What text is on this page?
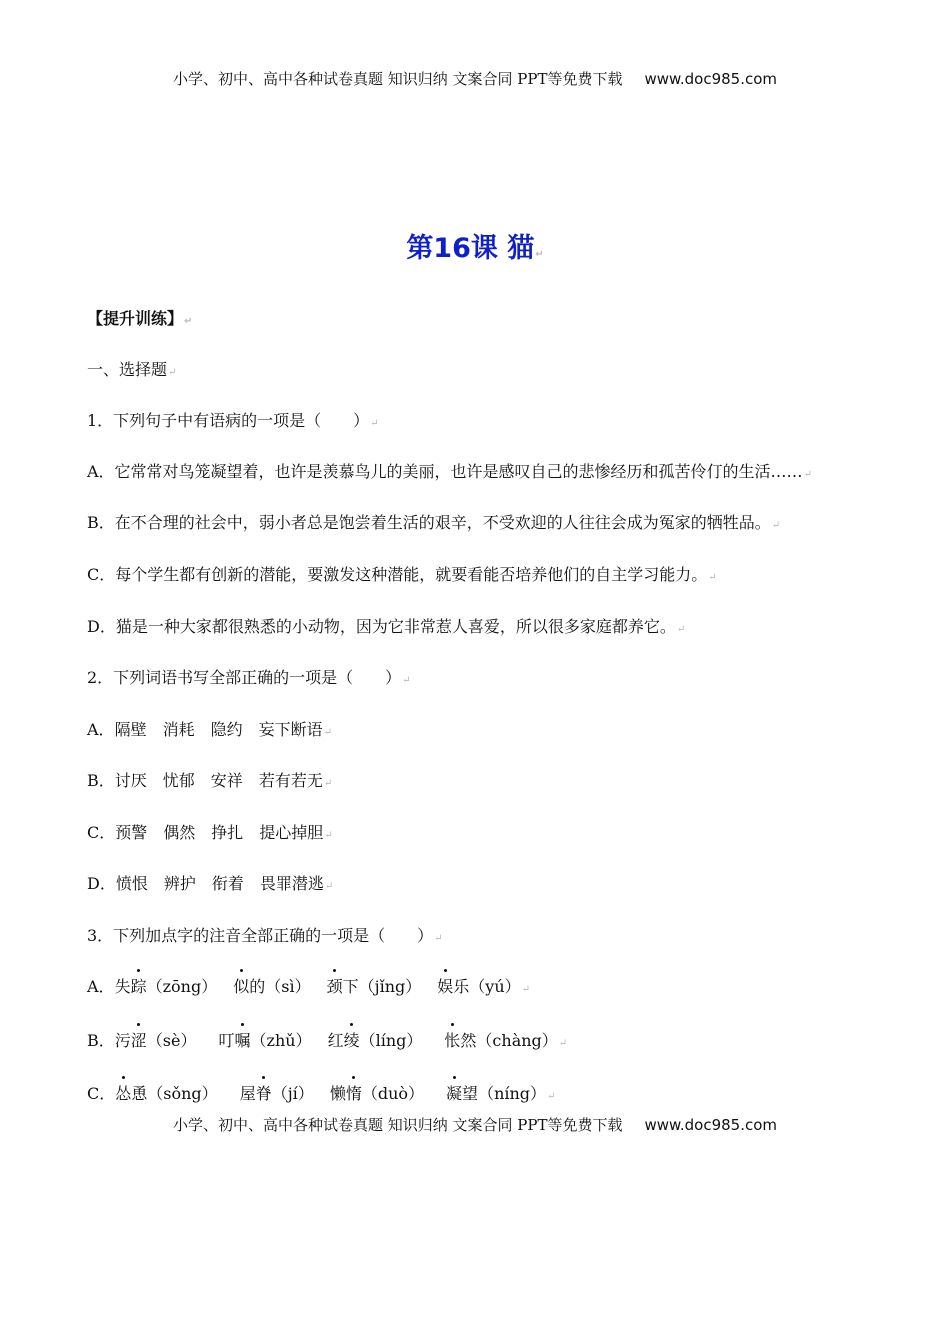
小学、初中、高中各种试卷真题 知识归纳 文案合同 PPT等免费下载 www.doc985.com
第16课 猫↵
【提升训练】↵
一、选择题↵
1．下列句子中有语病的一项是（　　）↵
A．它常常对鸟笼凝望着，也许是羡慕鸟儿的美丽，也许是感叹自己的悲惨经历和孤苦伶仃的生活……↵
B．在不合理的社会中，弱小者总是饱尝着生活的艰辛，不受欢迎的人往往会成为冤家的牺牲品。↵
C．每个学生都有创新的潜能，要激发这种潜能，就要看能否培养他们的自主学习能力。↵
D．猫是一种大家都很熟悉的小动物，因为它非常惹人喜爱，所以很多家庭都养它。↵
2．下列词语书写全部正确的一项是（　　）↵
A．隔壁 消耗 隐约 妄下断语↵
B．讨厌 忧郁 安祥 若有若无↵
C．预警 偶然 挣扎 提心掉胆↵
D．愤恨 辨护 衔着 畏罪潜逃↵
3．下列加点字的注音全部正确的一项是（　　）↵
A．失踪（zōng） 似的（sì） 颈下（jǐng） 娱乐（yú）↵
B．污涩（sè） 叮嘱（zhǔ） 红绫（líng） 怅然（chàng）↵
C．怂恿（sǒng） 屋脊（jí） 懒惰（duò） 凝望（níng）↵
小学、初中、高中各种试卷真题 知识归纳 文案合同 PPT等免费下载 www.doc985.com
